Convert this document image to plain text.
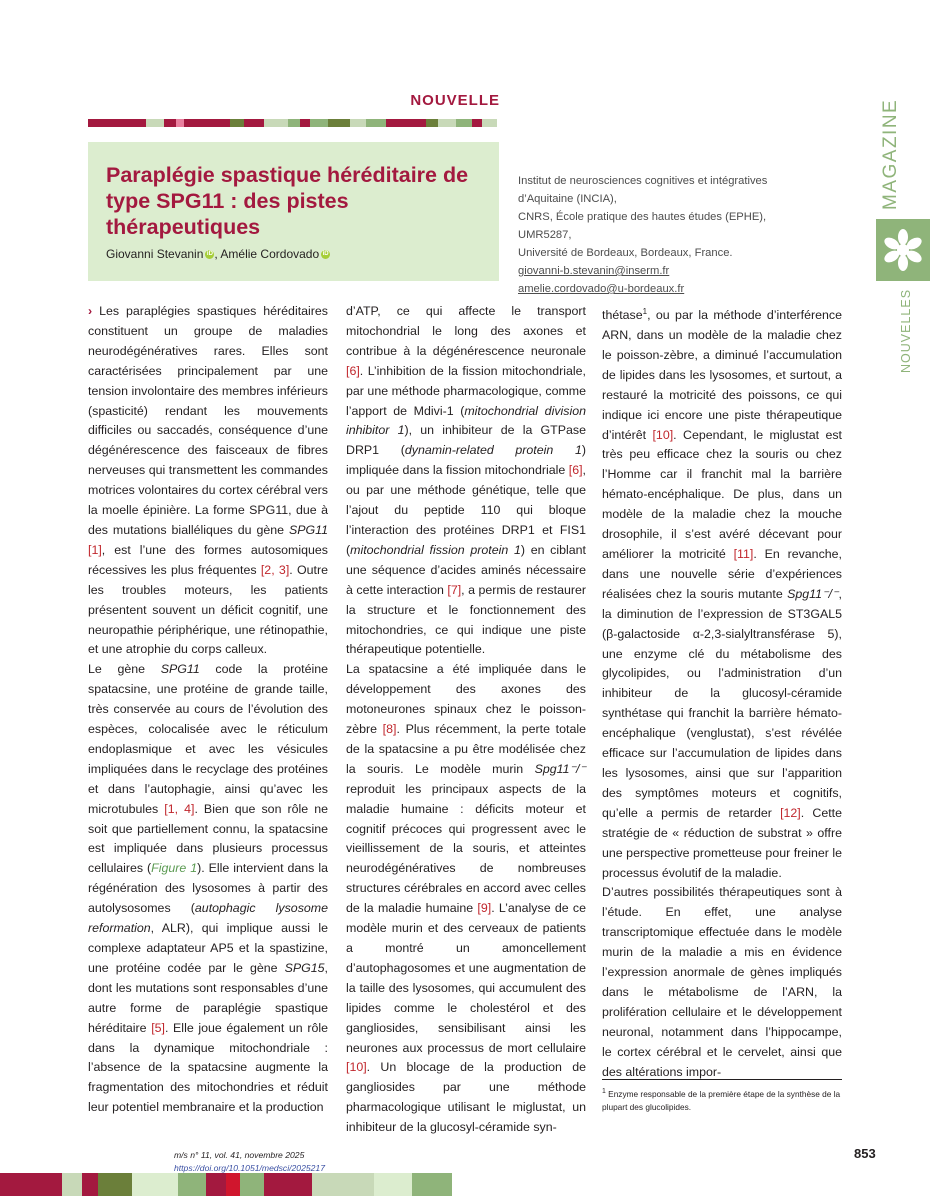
NOUVELLE
Paraplégie spastique héréditaire de type SPG11 : des pistes thérapeutiques
Giovanni Stevanin iD , Amélie Cordovado iD
Institut de neurosciences cognitives et intégratives
d’Aquitaine (INCIA),
CNRS, École pratique des hautes études (EPHE), UMR5287,
Université de Bordeaux, Bordeaux, France.
giovanni-b.stevanin@inserm.fr
amelie.cordovado@u-bordeaux.fr
MAGAZINE
NOUVELLES

› Les paraplégies spastiques héréditaires constituent un groupe de maladies neurodégénératives rares. Elles sont caractérisées principalement par une tension involontaire des membres inférieurs (spasticité) rendant les mouvements difficiles ou saccadés, conséquence d’une dégénérescence des faisceaux de fibres nerveuses qui transmettent les commandes motrices volontaires du cortex cérébral vers la moelle épinière. La forme SPG11, due à des mutations bialléliques du gène SPG11 [1], est l’une des formes autosomiques récessives les plus fréquentes [2, 3]. Outre les troubles moteurs, les patients présentent souvent un déficit cognitif, une neuropathie périphérique, une rétinopathie, et une atrophie du corps calleux.

Le gène SPG11 code la protéine spatacsine, une protéine de grande taille, très conservée au cours de l’évolution des espèces, colocalisée avec le réticulum endoplasmique et avec les vésicules impliquées dans le recyclage des protéines et dans l’autophagie, ainsi qu’avec les microtubules [1, 4]. Bien que son rôle ne soit que partiellement connu, la spatacsine est impliquée dans plusieurs processus cellulaires (Figure 1). Elle intervient dans la régénération des lysosomes à partir des autolysosomes (autophagic lysosome reformation, ALR), qui implique aussi le complexe adaptateur AP5 et la spastizine, une protéine codée par le gène SPG15, dont les mutations sont responsables d’une autre forme de paraplégie spastique héréditaire [5]. Elle joue également un rôle dans la dynamique mitochondriale : l’absence de la spatacsine augmente la fragmentation des mitochondries et réduit leur potentiel membranaire et la production

d’ATP, ce qui affecte le transport mitochondrial le long des axones et contribue à la dégénérescence neuronale [6]. L’inhibition de la fission mitochondriale, par une méthode pharmacologique, comme l’apport de Mdivi-1 (mitochondrial division inhibitor 1), un inhibiteur de la GTPase DRP1 (dynamin-related protein 1) impliquée dans la fission mitochondriale [6], ou par une méthode génétique, telle que l’ajout du peptide 110 qui bloque l’interaction des protéines DRP1 et FIS1 (mitochondrial fission protein 1) en ciblant une séquence d’acides aminés nécessaire à cette interaction [7], a permis de restaurer la structure et le fonctionnement des mitochondries, ce qui indique une piste thérapeutique potentielle.

La spatacsine a été impliquée dans le développement des axones des motoneurones spinaux chez le poisson-zèbre [8]. Plus récemment, la perte totale de la spatacsine a pu être modélisée chez la souris. Le modèle murin Spg11⁻/⁻ reproduit les principaux aspects de la maladie humaine : déficits moteur et cognitif précoces qui progressent avec le vieillissement de la souris, et atteintes neurodégénératives de nombreuses structures cérébrales en accord avec celles de la maladie humaine [9]. L’analyse de ce modèle murin et des cerveaux de patients a montré un amoncellement d’autophagosomes et une augmentation de la taille des lysosomes, qui accumulent des lipides comme le cholestérol et des gangliosides, sensibilisant ainsi les neurones aux processus de mort cellulaire [10]. Un blocage de la production de gangliosides par une méthode pharmacologique utilisant le miglustat, un inhibiteur de la glucosyl-céramide syn-

thétase$^1$, ou par la méthode d’interférence ARN, dans un modèle de la maladie chez le poisson-zèbre, a diminué l’accumulation de lipides dans les lysosomes, et surtout, a restauré la motricité des poissons, ce qui indique ici encore une piste thérapeutique d’intérêt [10]. Cependant, le miglustat est très peu efficace chez la souris ou chez l’Homme car il franchit mal la barrière hémato-encéphalique. De plus, dans un modèle de la maladie chez la mouche drosophile, il s’est avéré décevant pour améliorer la motricité [11]. En revanche, dans une nouvelle série d’expériences réalisées chez la souris mutante Spg11⁻/⁻, la diminution de l’expression de ST3GAL5 (β-galactoside α-2,3-sialyltransférase 5), une enzyme clé du métabolisme des glycolipides, ou l’administration d’un inhibiteur de la glucosyl-céramide synthétase qui franchit la barrière hémato-encéphalique (venglustat), s’est révélée efficace sur l’accumulation de lipides dans les lysosomes, ainsi que sur l’apparition des symptômes moteurs et cognitifs, qu’elle a permis de retarder [12]. Cette stratégie de « réduction de substrat » offre une perspective prometteuse pour freiner le processus évolutif de la maladie.

D’autres possibilités thérapeutiques sont à l’étude. En effet, une analyse transcriptomique effectuée dans le modèle murin de la maladie a mis en évidence l’expression anormale de gènes impliqués dans le métabolisme de l’ARN, la prolifération cellulaire et le développement neuronal, notamment dans l’hippocampe, le cortex cérébral et le cervelet, ainsi que des altérations impor-

$^1$ Enzyme responsable de la première étape de la synthèse de la plupart des glucolipides.
m/s n° 11, vol. 41, novembre 2025
https://doi.org/10.1051/medsci/2025217
853
